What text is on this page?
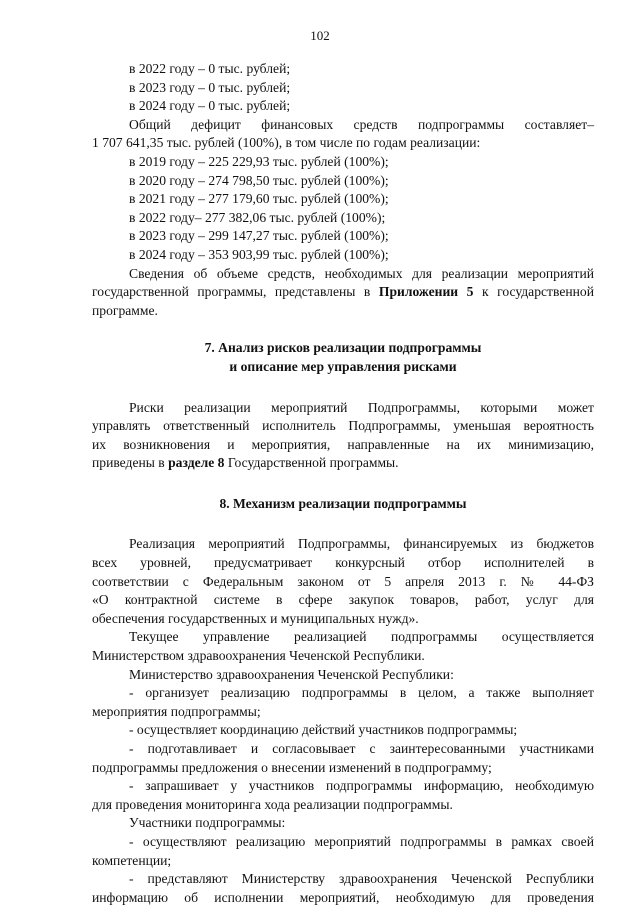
102
в 2022 году – 0 тыс. рублей;
в 2023 году – 0 тыс. рублей;
в 2024 году – 0 тыс. рублей;
Общий дефицит финансовых средств подпрограммы составляет–
1 707 641,35 тыс. рублей (100%), в том числе по годам реализации:
в 2019 году – 225 229,93 тыс. рублей (100%);
в 2020 году – 274 798,50 тыс. рублей (100%);
в 2021 году – 277 179,60 тыс. рублей (100%);
в 2022 году– 277 382,06 тыс. рублей (100%);
в 2023 году – 299 147,27 тыс. рублей (100%);
в 2024 году – 353 903,99 тыс. рублей (100%);
Сведения об объеме средств, необходимых для реализации мероприятий
государственной программы, представлены в Приложении 5 к государственной
программе.
7. Анализ рисков реализации подпрограммы
и описание мер управления рисками
Риски реализации мероприятий Подпрограммы, которыми может
управлять ответственный исполнитель Подпрограммы, уменьшая вероятность
их возникновения и мероприятия, направленные на их минимизацию,
приведены в разделе 8 Государственной программы.
8. Механизм реализации подпрограммы
Реализация мероприятий Подпрограммы, финансируемых из бюджетов
всех уровней, предусматривает конкурсный отбор исполнителей в
соответствии с Федеральным законом от 5 апреля 2013 г. № 44-ФЗ
«О контрактной системе в сфере закупок товаров, работ, услуг для
обеспечения государственных и муниципальных нужд».
Текущее управление реализацией подпрограммы осуществляется
Министерством здравоохранения Чеченской Республики.
Министерство здравоохранения Чеченской Республики:
- организует реализацию подпрограммы в целом, а также выполняет
мероприятия подпрограммы;
- осуществляет координацию действий участников подпрограммы;
- подготавливает и согласовывает с заинтересованными участниками
подпрограммы предложения о внесении изменений в подпрограмму;
- запрашивает у участников подпрограммы информацию, необходимую
для проведения мониторинга хода реализации подпрограммы.
Участники подпрограммы:
- осуществляют реализацию мероприятий подпрограммы в рамках своей
компетенции;
- представляют Министерству здравоохранения Чеченской Республики
информацию об исполнении мероприятий, необходимую для проведения
